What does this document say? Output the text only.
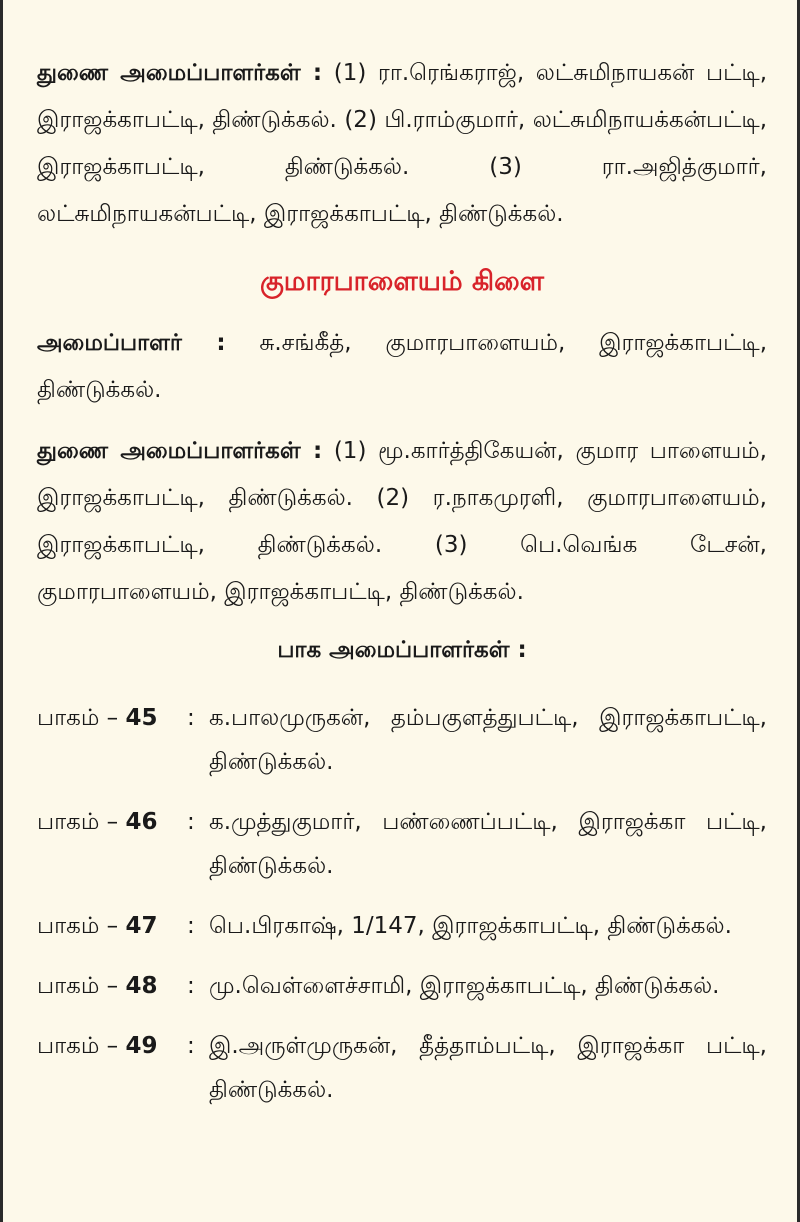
துணை அமைப்பாளர்கள் : (1) ரா.ரெங்கராஜ், லட்சுமிநாயகன் பட்டி, இராஜக்காபட்டி, திண்டுக்கல். (2) பி.ராம்குமார், லட்சுமிநாயக்கன்பட்டி, இராஜக்காபட்டி, திண்டுக்கல். (3) ரா.அஜித்குமார், லட்சுமிநாயகன்பட்டி, இராஜக்காபட்டி, திண்டுக்கல்.

குமாரபாளையம் கிளை

அமைப்பாளர் : சு.சங்கீத், குமாரபாளையம், இராஜக்காபட்டி, திண்டுக்கல்.

துணை அமைப்பாளர்கள் : (1) மூ.கார்த்திகேயன், குமார பாளையம், இராஜக்காபட்டி, திண்டுக்கல். (2) ர.நாகமுரளி, குமாரபாளையம், இராஜக்காபட்டி, திண்டுக்கல். (3) பெ.வெங்க டேசன், குமாரபாளையம், இராஜக்காபட்டி, திண்டுக்கல்.

பாக அமைப்பாளர்கள் :
பாகம் – 45	: க.பாலமுருகன், தம்பகுளத்துபட்டி, இராஜக்காபட்டி, திண்டுக்கல்.
பாகம் – 46	: க.முத்துகுமார், பண்ணைப்பட்டி, இராஜக்கா பட்டி, திண்டுக்கல்.
பாகம் – 47	: பெ.பிரகாஷ், 1/147, இராஜக்காபட்டி, திண்டுக்கல்.
பாகம் – 48	: மு.வெள்ளைச்சாமி, இராஜக்காபட்டி, திண்டுக்கல்.
பாகம் – 49	: இ.அருள்முருகன், தீத்தாம்பட்டி, இராஜக்கா பட்டி, திண்டுக்கல்.
